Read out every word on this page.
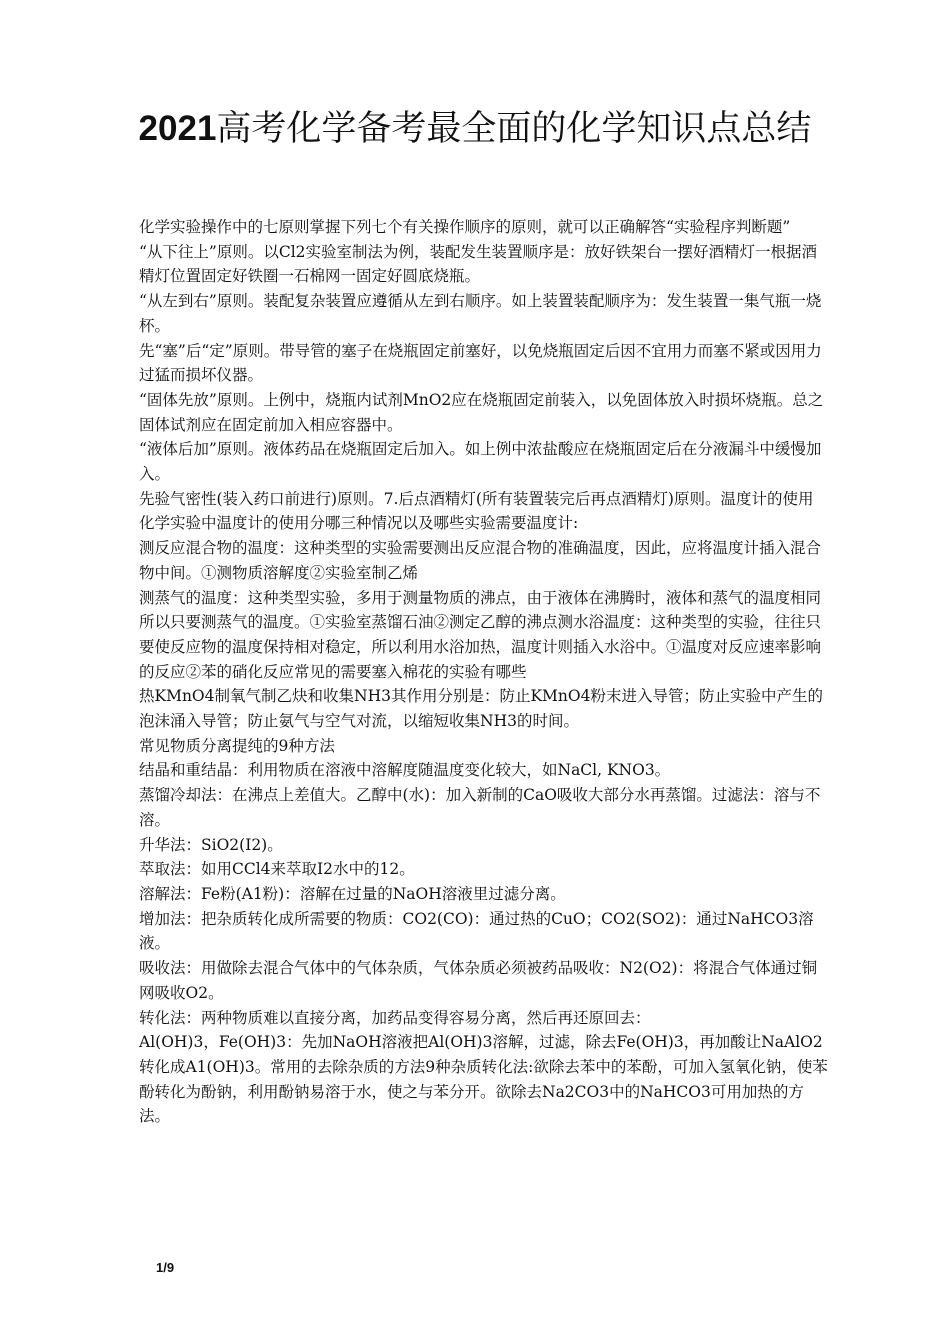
2021高考化学备考最全面的化学知识点总结

化学实验操作中的七原则掌握下列七个有关操作顺序的原则，就可以正确解答“实验程序判断题”

“从下往上”原则。以Cl2实验室制法为例，装配发生装置顺序是：放好铁架台一摆好酒精灯一根据酒精灯位置固定好铁圈一石棉网一固定好圆底烧瓶。

“从左到右”原则。装配复杂装置应遵循从左到右顺序。如上装置装配顺序为：发生装置一集气瓶一烧杯。

先“塞”后“定”原则。带导管的塞子在烧瓶固定前塞好，以免烧瓶固定后因不宜用力而塞不紧或因用力过猛而损坏仪器。

“固体先放”原则。上例中，烧瓶内试剂MnO2应在烧瓶固定前装入，以免固体放入时损坏烧瓶。总之固体试剂应在固定前加入相应容器中。

“液体后加”原则。液体药品在烧瓶固定后加入。如上例中浓盐酸应在烧瓶固定后在分液漏斗中缓慢加入。

先验气密性(装入药口前进行)原则。7.后点酒精灯(所有装置装完后再点酒精灯)原则。温度计的使用

化学实验中温度计的使用分哪三种情况以及哪些实验需要温度计:

测反应混合物的温度：这种类型的实验需要测出反应混合物的准确温度，因此，应将温度计插入混合物中间。①测物质溶解度②实验室制乙烯

测蒸气的温度：这种类型实验，多用于测量物质的沸点，由于液体在沸腾时，液体和蒸气的温度相同所以只要测蒸气的温度。①实验室蒸馏石油②测定乙醇的沸点测水浴温度：这种类型的实验，往往只要使反应物的温度保持相对稳定，所以利用水浴加热，温度计则插入水浴中。①温度对反应速率影响的反应②苯的硝化反应常见的需要塞入棉花的实验有哪些

热KMnO4制氧气制乙炔和收集NH3其作用分别是：防止KMnO4粉末进入导管；防止实验中产生的泡沫涌入导管；防止氨气与空气对流，以缩短收集NH3的时间。

常见物质分离提纯的9种方法

结晶和重结晶：利用物质在溶液中溶解度随温度变化较大，如NaCl, KNO3。

蒸馏冷却法：在沸点上差值大。乙醇中(水)：加入新制的CaO吸收大部分水再蒸馏。过滤法：溶与不溶。

升华法：SiO2(I2)。

萃取法：如用CCl4来萃取I2水中的12。

溶解法：Fe粉(A1粉)：溶解在过量的NaOH溶液里过滤分离。

增加法：把杂质转化成所需要的物质：CO2(CO)：通过热的CuO；CO2(SO2)：通过NaHCO3溶液。

吸收法：用做除去混合气体中的气体杂质，气体杂质必须被药品吸收：N2(O2)：将混合气体通过铜网吸收O2。

转化法：两种物质难以直接分离，加药品变得容易分离，然后再还原回去：

Al(OH)3，Fe(OH)3：先加NaOH溶液把Al(OH)3溶解，过滤，除去Fe(OH)3，再加酸让NaAlO2转化成A1(OH)3。常用的去除杂质的方法9种杂质转化法:欲除去苯中的苯酚，可加入氢氧化钠，使苯酚转化为酚钠，利用酚钠易溶于水，使之与苯分开。欲除去Na2CO3中的NaHCO3可用加热的方法。

1/9
